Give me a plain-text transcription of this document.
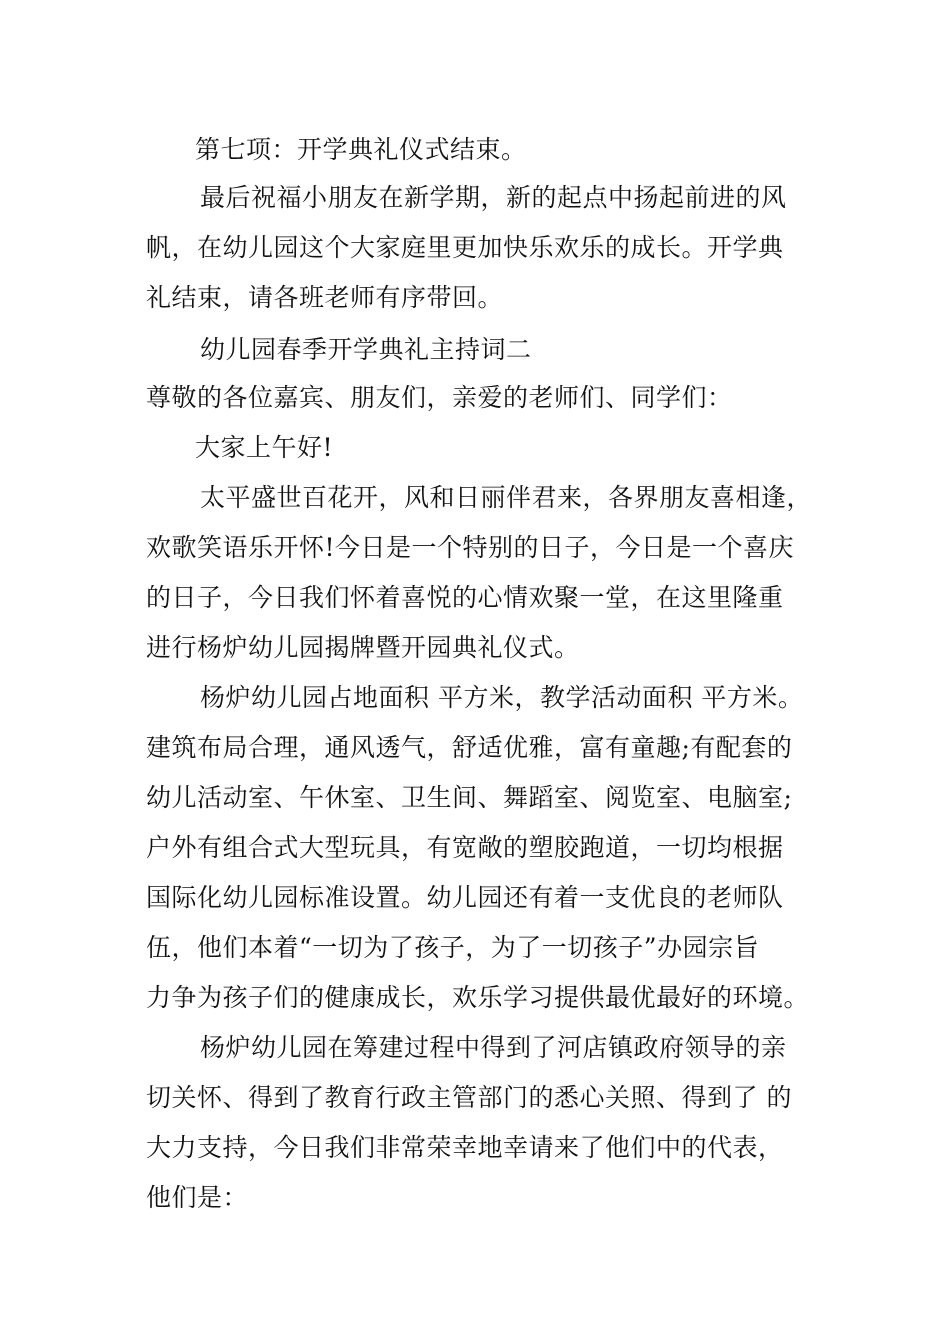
第七项：开学典礼仪式结束。
最后祝福小朋友在新学期，新的起点中扬起前进的风
帆，在幼儿园这个大家庭里更加快乐欢乐的成长。开学典
礼结束，请各班老师有序带回。
幼儿园春季开学典礼主持词二
尊敬的各位嘉宾、朋友们，亲爱的老师们、同学们：
大家上午好!
太平盛世百花开，风和日丽伴君来，各界朋友喜相逢，
欢歌笑语乐开怀!今日是一个特别的日子，今日是一个喜庆
的日子，今日我们怀着喜悦的心情欢聚一堂，在这里隆重
进行杨炉幼儿园揭牌暨开园典礼仪式。
杨炉幼儿园占地面积 平方米，教学活动面积 平方米。
建筑布局合理，通风透气，舒适优雅，富有童趣;有配套的
幼儿活动室、午休室、卫生间、舞蹈室、阅览室、电脑室;
户外有组合式大型玩具，有宽敞的塑胶跑道，一切均根据
国际化幼儿园标准设置。幼儿园还有着一支优良的老师队
伍，他们本着“一切为了孩子，为了一切孩子”办园宗旨
力争为孩子们的健康成长，欢乐学习提供最优最好的环境。
杨炉幼儿园在筹建过程中得到了河店镇政府领导的亲
切关怀、得到了教育行政主管部门的悉心关照、得到了 的
大力支持，今日我们非常荣幸地幸请来了他们中的代表，
他们是：
